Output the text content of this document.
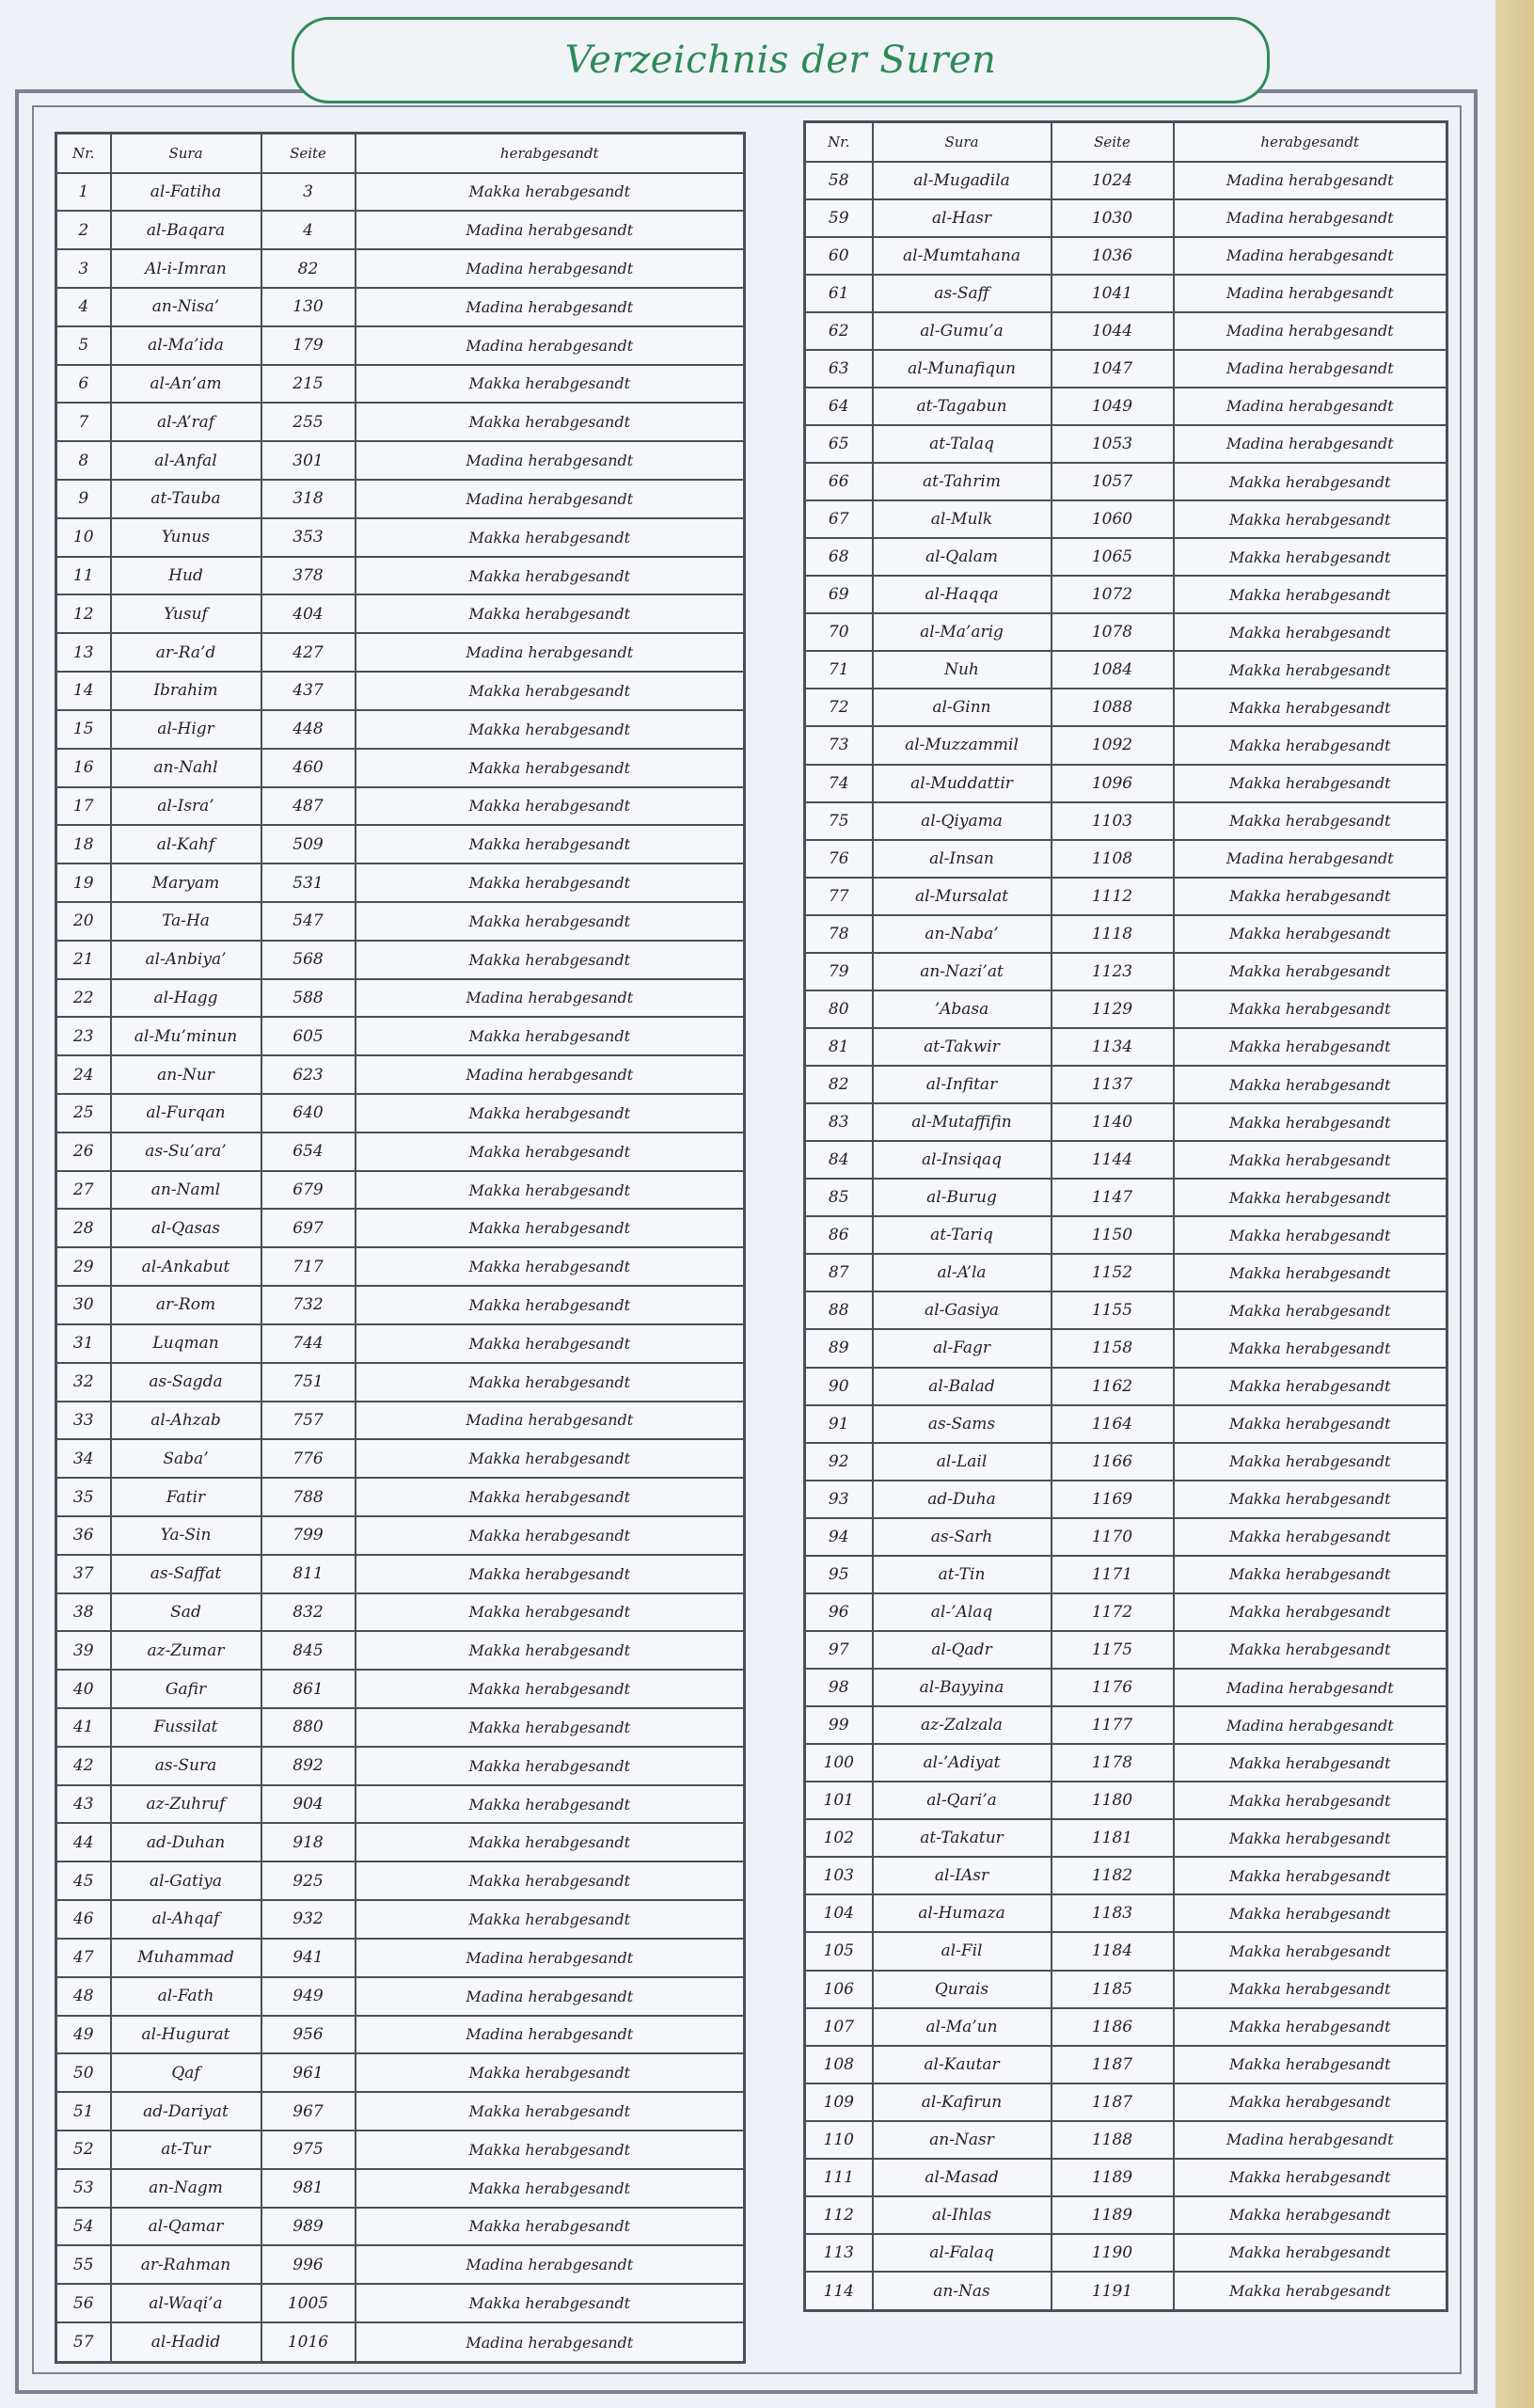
Verzeichnis der Suren
Nr.	Sura	Seite	herabgesandt
1	al-Fatiha	3	Makka herabgesandt
2	al-Baqara	4	Madina herabgesandt
3	Al-i-Imran	82	Madina herabgesandt
4	an-Nisa’	130	Madina herabgesandt
5	al-Ma’ida	179	Madina herabgesandt
6	al-An’am	215	Makka herabgesandt
7	al-A’raf	255	Makka herabgesandt
8	al-Anfal	301	Madina herabgesandt
9	at-Tauba	318	Madina herabgesandt
10	Yunus	353	Makka herabgesandt
11	Hud	378	Makka herabgesandt
12	Yusuf	404	Makka herabgesandt
13	ar-Ra’d	427	Madina herabgesandt
14	Ibrahim	437	Makka herabgesandt
15	al-Higr	448	Makka herabgesandt
16	an-Nahl	460	Makka herabgesandt
17	al-Isra’	487	Makka herabgesandt
18	al-Kahf	509	Makka herabgesandt
19	Maryam	531	Makka herabgesandt
20	Ta-Ha	547	Makka herabgesandt
21	al-Anbiya’	568	Makka herabgesandt
22	al-Hagg	588	Madina herabgesandt
23	al-Mu’minun	605	Makka herabgesandt
24	an-Nur	623	Madina herabgesandt
25	al-Furqan	640	Makka herabgesandt
26	as-Su’ara’	654	Makka herabgesandt
27	an-Naml	679	Makka herabgesandt
28	al-Qasas	697	Makka herabgesandt
29	al-Ankabut	717	Makka herabgesandt
30	ar-Rom	732	Makka herabgesandt
31	Luqman	744	Makka herabgesandt
32	as-Sagda	751	Makka herabgesandt
33	al-Ahzab	757	Madina herabgesandt
34	Saba’	776	Makka herabgesandt
35	Fatir	788	Makka herabgesandt
36	Ya-Sin	799	Makka herabgesandt
37	as-Saffat	811	Makka herabgesandt
38	Sad	832	Makka herabgesandt
39	az-Zumar	845	Makka herabgesandt
40	Gafir	861	Makka herabgesandt
41	Fussilat	880	Makka herabgesandt
42	as-Sura	892	Makka herabgesandt
43	az-Zuhruf	904	Makka herabgesandt
44	ad-Duhan	918	Makka herabgesandt
45	al-Gatiya	925	Makka herabgesandt
46	al-Ahqaf	932	Makka herabgesandt
47	Muhammad	941	Madina herabgesandt
48	al-Fath	949	Madina herabgesandt
49	al-Hugurat	956	Madina herabgesandt
50	Qaf	961	Makka herabgesandt
51	ad-Dariyat	967	Makka herabgesandt
52	at-Tur	975	Makka herabgesandt
53	an-Nagm	981	Makka herabgesandt
54	al-Qamar	989	Makka herabgesandt
55	ar-Rahman	996	Madina herabgesandt
56	al-Waqi’a	1005	Makka herabgesandt
57	al-Hadid	1016	Madina herabgesandt
Nr.	Sura	Seite	herabgesandt
58	al-Mugadila	1024	Madina herabgesandt
59	al-Hasr	1030	Madina herabgesandt
60	al-Mumtahana	1036	Madina herabgesandt
61	as-Saff	1041	Madina herabgesandt
62	al-Gumu’a	1044	Madina herabgesandt
63	al-Munafiqun	1047	Madina herabgesandt
64	at-Tagabun	1049	Madina herabgesandt
65	at-Talaq	1053	Madina herabgesandt
66	at-Tahrim	1057	Makka herabgesandt
67	al-Mulk	1060	Makka herabgesandt
68	al-Qalam	1065	Makka herabgesandt
69	al-Haqqa	1072	Makka herabgesandt
70	al-Ma’arig	1078	Makka herabgesandt
71	Nuh	1084	Makka herabgesandt
72	al-Ginn	1088	Makka herabgesandt
73	al-Muzzammil	1092	Makka herabgesandt
74	al-Muddattir	1096	Makka herabgesandt
75	al-Qiyama	1103	Makka herabgesandt
76	al-Insan	1108	Madina herabgesandt
77	al-Mursalat	1112	Makka herabgesandt
78	an-Naba’	1118	Makka herabgesandt
79	an-Nazi’at	1123	Makka herabgesandt
80	’Abasa	1129	Makka herabgesandt
81	at-Takwir	1134	Makka herabgesandt
82	al-Infitar	1137	Makka herabgesandt
83	al-Mutaffifin	1140	Makka herabgesandt
84	al-Insiqaq	1144	Makka herabgesandt
85	al-Burug	1147	Makka herabgesandt
86	at-Tariq	1150	Makka herabgesandt
87	al-A’la	1152	Makka herabgesandt
88	al-Gasiya	1155	Makka herabgesandt
89	al-Fagr	1158	Makka herabgesandt
90	al-Balad	1162	Makka herabgesandt
91	as-Sams	1164	Makka herabgesandt
92	al-Lail	1166	Makka herabgesandt
93	ad-Duha	1169	Makka herabgesandt
94	as-Sarh	1170	Makka herabgesandt
95	at-Tin	1171	Makka herabgesandt
96	al-’Alaq	1172	Makka herabgesandt
97	al-Qadr	1175	Makka herabgesandt
98	al-Bayyina	1176	Madina herabgesandt
99	az-Zalzala	1177	Madina herabgesandt
100	al-’Adiyat	1178	Makka herabgesandt
101	al-Qari’a	1180	Makka herabgesandt
102	at-Takatur	1181	Makka herabgesandt
103	al-IAsr	1182	Makka herabgesandt
104	al-Humaza	1183	Makka herabgesandt
105	al-Fil	1184	Makka herabgesandt
106	Qurais	1185	Makka herabgesandt
107	al-Ma’un	1186	Makka herabgesandt
108	al-Kautar	1187	Makka herabgesandt
109	al-Kafirun	1187	Makka herabgesandt
110	an-Nasr	1188	Madina herabgesandt
111	al-Masad	1189	Makka herabgesandt
112	al-Ihlas	1189	Makka herabgesandt
113	al-Falaq	1190	Makka herabgesandt
114	an-Nas	1191	Makka herabgesandt
